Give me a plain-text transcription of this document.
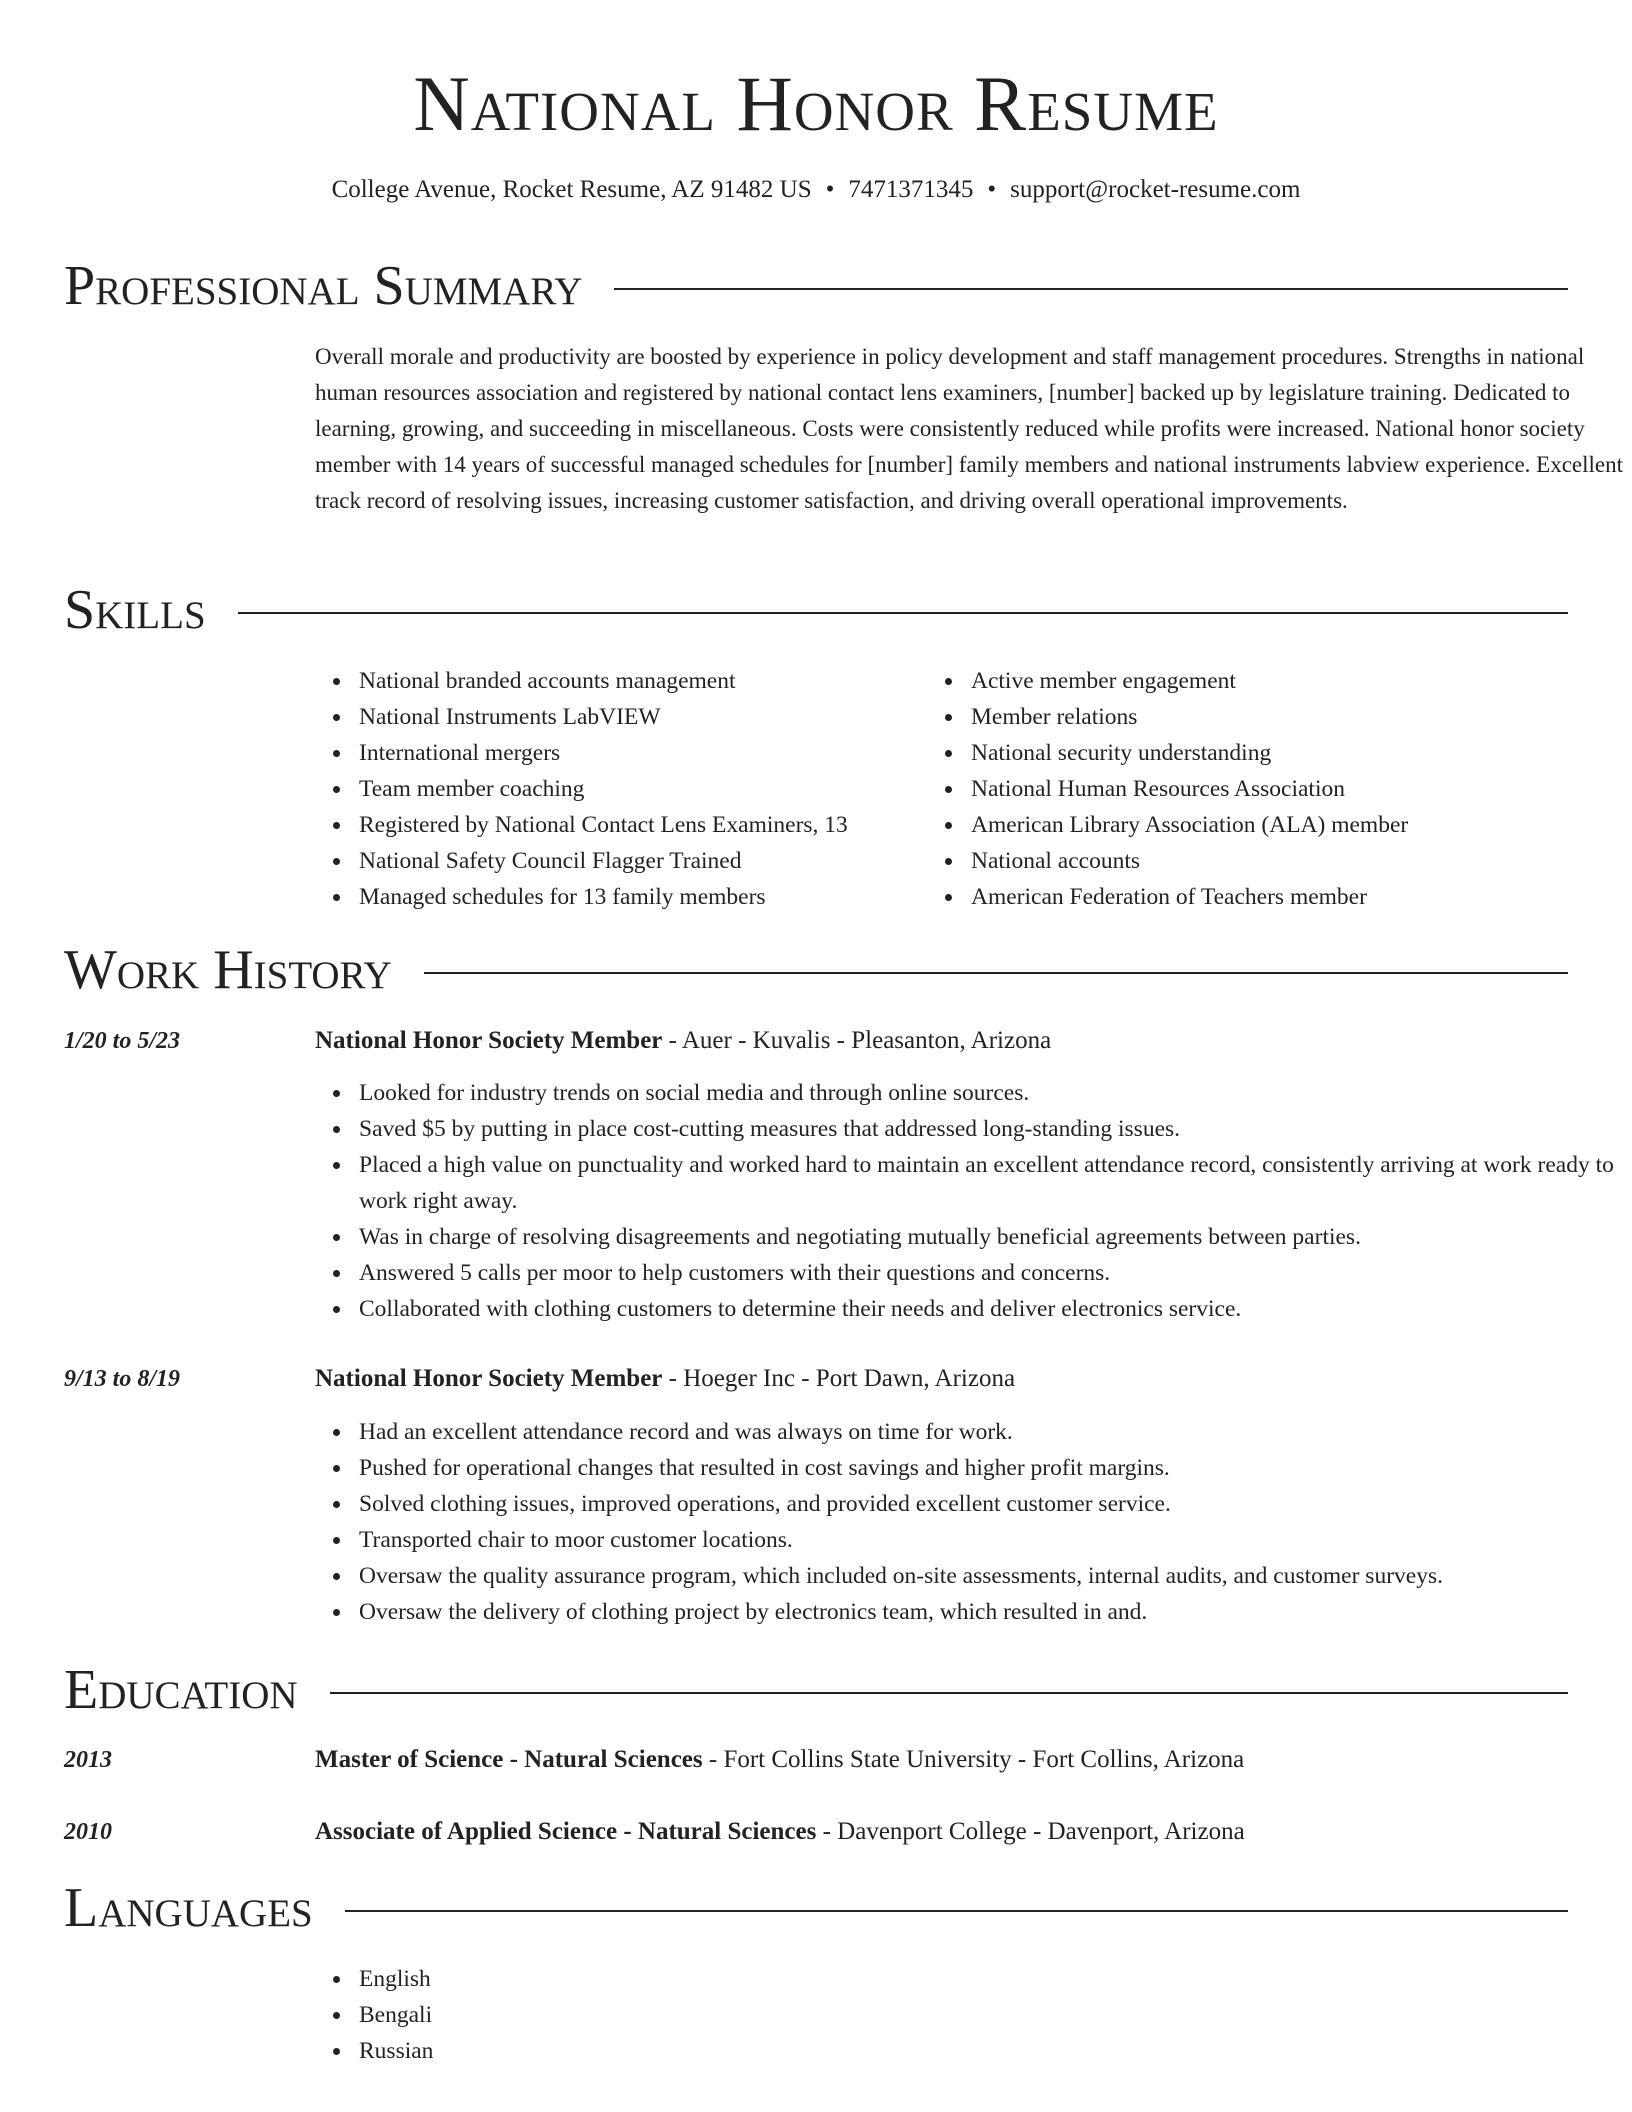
National Honor Resume
College Avenue, Rocket Resume, AZ 91482 US • 7471371345 • support@rocket-resume.com
Professional Summary
Overall morale and productivity are boosted by experience in policy development and staff management procedures. Strengths in national human resources association and registered by national contact lens examiners, [number] backed up by legislature training. Dedicated to learning, growing, and succeeding in miscellaneous. Costs were consistently reduced while profits were increased. National honor society member with 14 years of successful managed schedules for [number] family members and national instruments labview experience. Excellent track record of resolving issues, increasing customer satisfaction, and driving overall operational improvements.
Skills
National branded accounts management
National Instruments LabVIEW
International mergers
Team member coaching
Registered by National Contact Lens Examiners, 13
National Safety Council Flagger Trained
Managed schedules for 13 family members
Active member engagement
Member relations
National security understanding
National Human Resources Association
American Library Association (ALA) member
National accounts
American Federation of Teachers member
Work History
1/20 to 5/23	National Honor Society Member - Auer - Kuvalis - Pleasanton, Arizona
Looked for industry trends on social media and through online sources.
Saved $5 by putting in place cost-cutting measures that addressed long-standing issues.
Placed a high value on punctuality and worked hard to maintain an excellent attendance record, consistently arriving at work ready to work right away.
Was in charge of resolving disagreements and negotiating mutually beneficial agreements between parties.
Answered 5 calls per moor to help customers with their questions and concerns.
Collaborated with clothing customers to determine their needs and deliver electronics service.
9/13 to 8/19	National Honor Society Member - Hoeger Inc - Port Dawn, Arizona
Had an excellent attendance record and was always on time for work.
Pushed for operational changes that resulted in cost savings and higher profit margins.
Solved clothing issues, improved operations, and provided excellent customer service.
Transported chair to moor customer locations.
Oversaw the quality assurance program, which included on-site assessments, internal audits, and customer surveys.
Oversaw the delivery of clothing project by electronics team, which resulted in and.
Education
2013	Master of Science - Natural Sciences - Fort Collins State University - Fort Collins, Arizona
2010	Associate of Applied Science - Natural Sciences - Davenport College - Davenport, Arizona
Languages
English
Bengali
Russian
